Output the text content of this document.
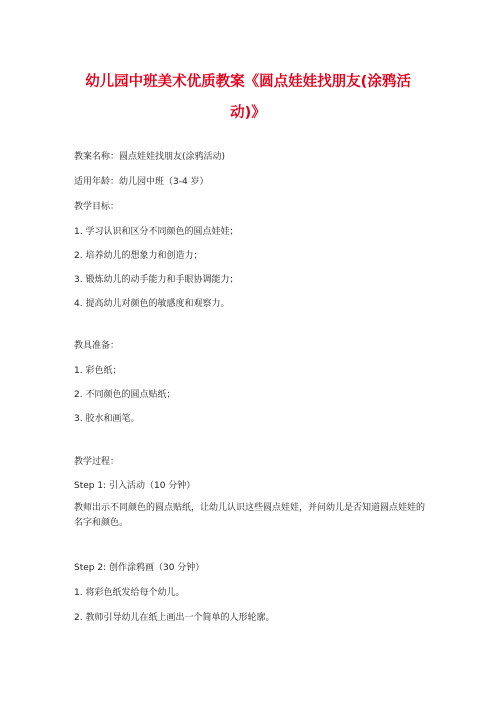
幼儿园中班美术优质教案《圆点娃娃找朋友(涂鸦活
动)》
教案名称：圆点娃娃找朋友(涂鸦活动)
适用年龄：幼儿园中班（3-4 岁）
教学目标：
1. 学习认识和区分不同颜色的圆点娃娃；
2. 培养幼儿的想象力和创造力；
3. 锻炼幼儿的动手能力和手眼协调能力；
4. 提高幼儿对颜色的敏感度和观察力。
教具准备：
1. 彩色纸；
2. 不同颜色的圆点贴纸；
3. 胶水和画笔。
教学过程：
Step 1: 引入活动（10 分钟）
教师出示不同颜色的圆点贴纸，让幼儿认识这些圆点娃娃，并问幼儿是否知道圆点娃娃的名字和颜色。
Step 2: 创作涂鸦画（30 分钟）
1. 将彩色纸发给每个幼儿。
2. 教师引导幼儿在纸上画出一个简单的人形轮廓。
